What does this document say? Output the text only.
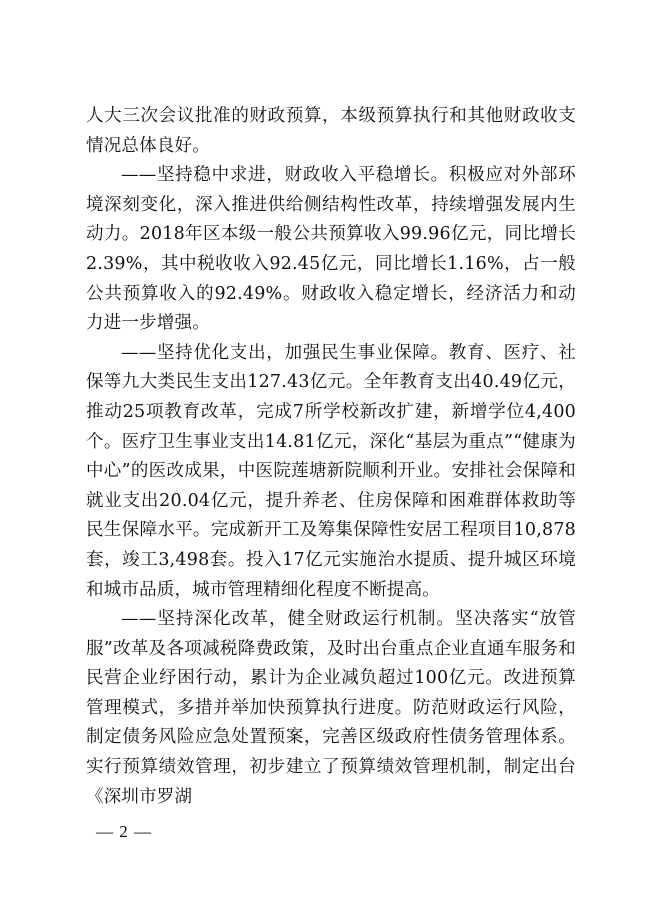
人大三次会议批准的财政预算，本级预算执行和其他财政收支情况总体良好。

——坚持稳中求进，财政收入平稳增长。积极应对外部环境深刻变化，深入推进供给侧结构性改革，持续增强发展内生动力。2018年区本级一般公共预算收入99.96亿元，同比增长2.39%，其中税收收入92.45亿元，同比增长1.16%，占一般公共预算收入的92.49%。财政收入稳定增长，经济活力和动力进一步增强。

——坚持优化支出，加强民生事业保障。教育、医疗、社保等九大类民生支出127.43亿元。全年教育支出40.49亿元，推动25项教育改革，完成7所学校新改扩建，新增学位4,400个。医疗卫生事业支出14.81亿元，深化“基层为重点”“健康为中心”的医改成果，中医院莲塘新院顺利开业。安排社会保障和就业支出20.04亿元，提升养老、住房保障和困难群体救助等民生保障水平。完成新开工及筹集保障性安居工程项目10,878套，竣工3,498套。投入17亿元实施治水提质、提升城区环境和城市品质，城市管理精细化程度不断提高。

——坚持深化改革，健全财政运行机制。坚决落实“放管服”改革及各项减税降费政策，及时出台重点企业直通车服务和民营企业纾困行动，累计为企业减负超过100亿元。改进预算管理模式，多措并举加快预算执行进度。防范财政运行风险，制定债务风险应急处置预案，完善区级政府性债务管理体系。实行预算绩效管理，初步建立了预算绩效管理机制，制定出台《深圳市罗湖

— 2 —
